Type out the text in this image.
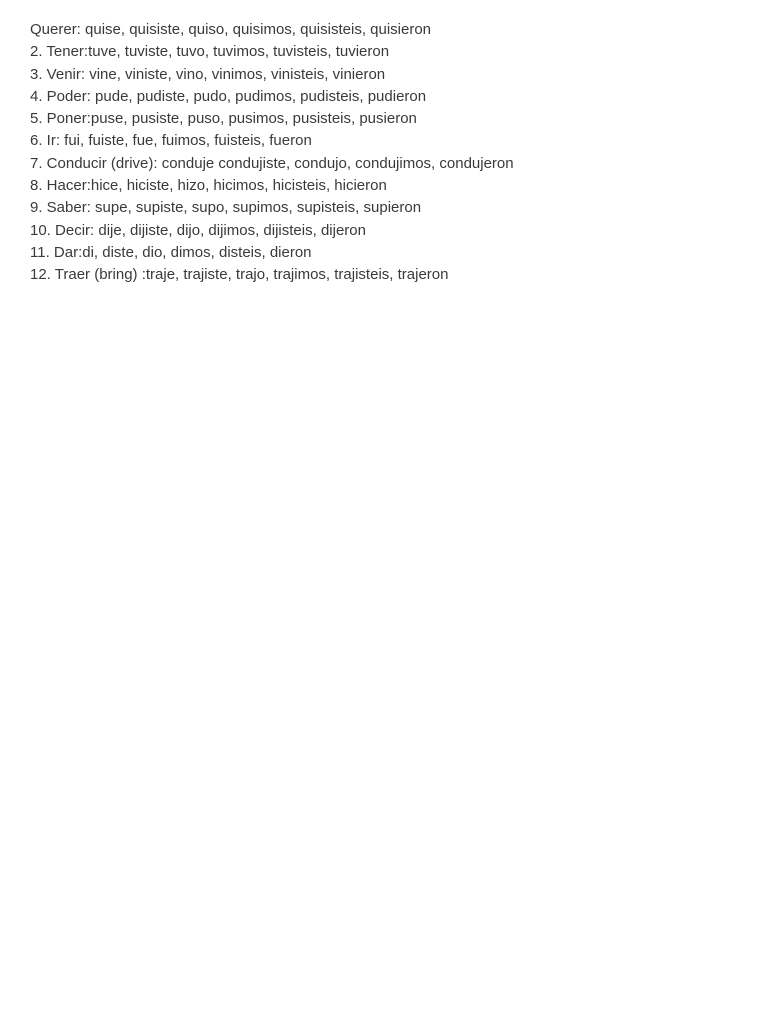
Querer: quise, quisiste, quiso, quisimos, quisisteis, quisieron
2. Tener:tuve, tuviste, tuvo, tuvimos, tuvisteis, tuvieron
3. Venir: vine, viniste, vino, vinimos, vinisteis, vinieron
4. Poder: pude, pudiste, pudo, pudimos, pudisteis, pudieron
5. Poner:puse, pusiste, puso, pusimos, pusisteis, pusieron
6. Ir: fui, fuiste, fue, fuimos, fuisteis, fueron
7. Conducir (drive): conduje condujiste, condujo, condujimos, condujeron
8. Hacer:hice, hiciste, hizo, hicimos, hicisteis, hicieron
9. Saber: supe, supiste, supo, supimos, supisteis, supieron
10. Decir: dije, dijiste, dijo, dijimos, dijisteis, dijeron
11. Dar:di, diste, dio, dimos, disteis, dieron
12. Traer (bring) :traje, trajiste, trajo, trajimos, trajisteis, trajeron
